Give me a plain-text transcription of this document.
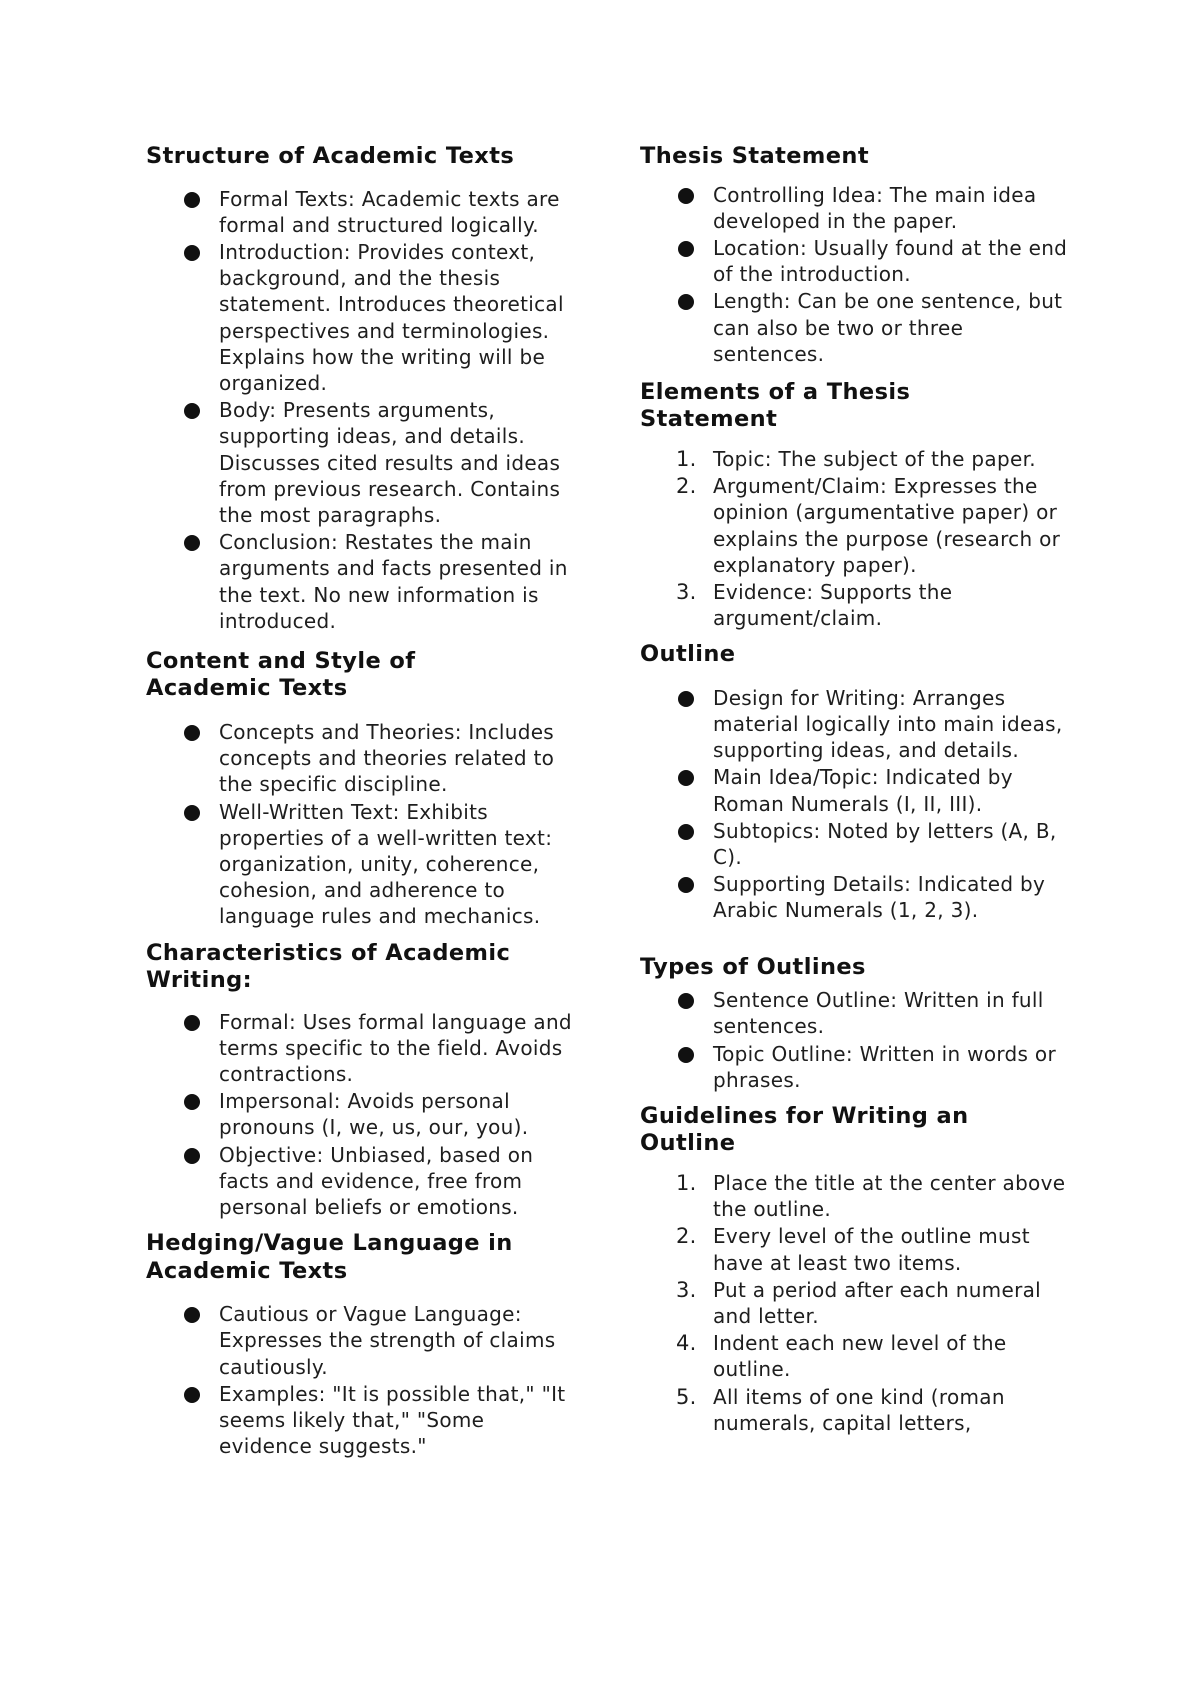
Structure of Academic Texts
Formal Texts: Academic texts are formal and structured logically.
Introduction: Provides context, background, and the thesis statement. Introduces theoretical perspectives and terminologies. Explains how the writing will be organized.
Body: Presents arguments, supporting ideas, and details. Discusses cited results and ideas from previous research. Contains the most paragraphs.
Conclusion: Restates the main arguments and facts presented in the text. No new information is introduced.
Content and Style of Academic Texts
Concepts and Theories: Includes concepts and theories related to the specific discipline.
Well-Written Text: Exhibits properties of a well-written text: organization, unity, coherence, cohesion, and adherence to language rules and mechanics.
Characteristics of Academic Writing:
Formal: Uses formal language and terms specific to the field. Avoids contractions.
Impersonal: Avoids personal pronouns (I, we, us, our, you).
Objective: Unbiased, based on facts and evidence, free from personal beliefs or emotions.
Hedging/Vague Language in Academic Texts
Cautious or Vague Language: Expresses the strength of claims cautiously.
Examples: "It is possible that," "It seems likely that," "Some evidence suggests."
Thesis Statement
Controlling Idea: The main idea developed in the paper.
Location: Usually found at the end of the introduction.
Length: Can be one sentence, but can also be two or three sentences.
Elements of a Thesis Statement
1. Topic: The subject of the paper.
2. Argument/Claim: Expresses the opinion (argumentative paper) or explains the purpose (research or explanatory paper).
3. Evidence: Supports the argument/claim.
Outline
Design for Writing: Arranges material logically into main ideas, supporting ideas, and details.
Main Idea/Topic: Indicated by Roman Numerals (I, II, III).
Subtopics: Noted by letters (A, B, C).
Supporting Details: Indicated by Arabic Numerals (1, 2, 3).
Types of Outlines
Sentence Outline: Written in full sentences.
Topic Outline: Written in words or phrases.
Guidelines for Writing an Outline
1. Place the title at the center above the outline.
2. Every level of the outline must have at least two items.
3. Put a period after each numeral and letter.
4. Indent each new level of the outline.
5. All items of one kind (roman numerals, capital letters,
